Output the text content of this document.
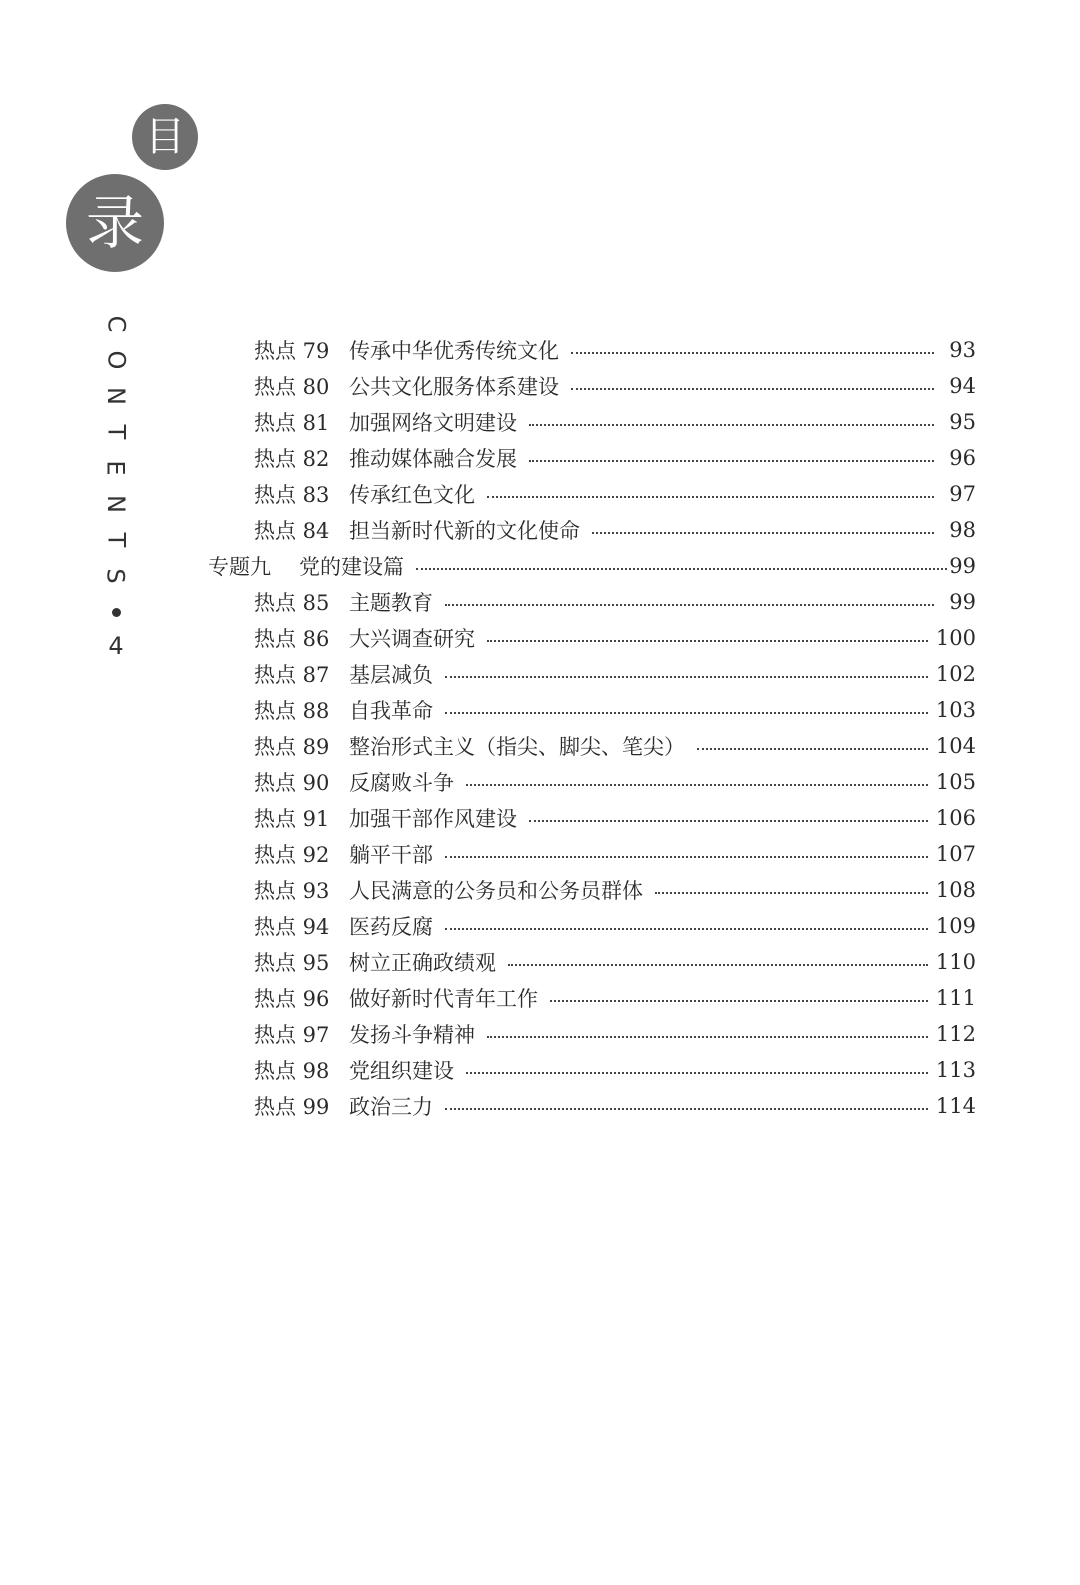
目
录
C
O
N
T
E
N
T
S
4
热点 79 传承中华优秀传统文化	93
热点 80 公共文化服务体系建设	94
热点 81 加强网络文明建设	95
热点 82 推动媒体融合发展	96
热点 83 传承红色文化	97
热点 84 担当新时代新的文化使命	98
专题九	党的建设篇	99
热点 85 主题教育	99
热点 86 大兴调查研究	100
热点 87 基层减负	102
热点 88 自我革命	103
热点 89 整治形式主义（指尖、脚尖、笔尖）	104
热点 90 反腐败斗争	105
热点 91 加强干部作风建设	106
热点 92 躺平干部	107
热点 93 人民满意的公务员和公务员群体	108
热点 94 医药反腐	109
热点 95 树立正确政绩观	110
热点 96 做好新时代青年工作	111
热点 97 发扬斗争精神	112
热点 98 党组织建设	113
热点 99 政治三力	114
